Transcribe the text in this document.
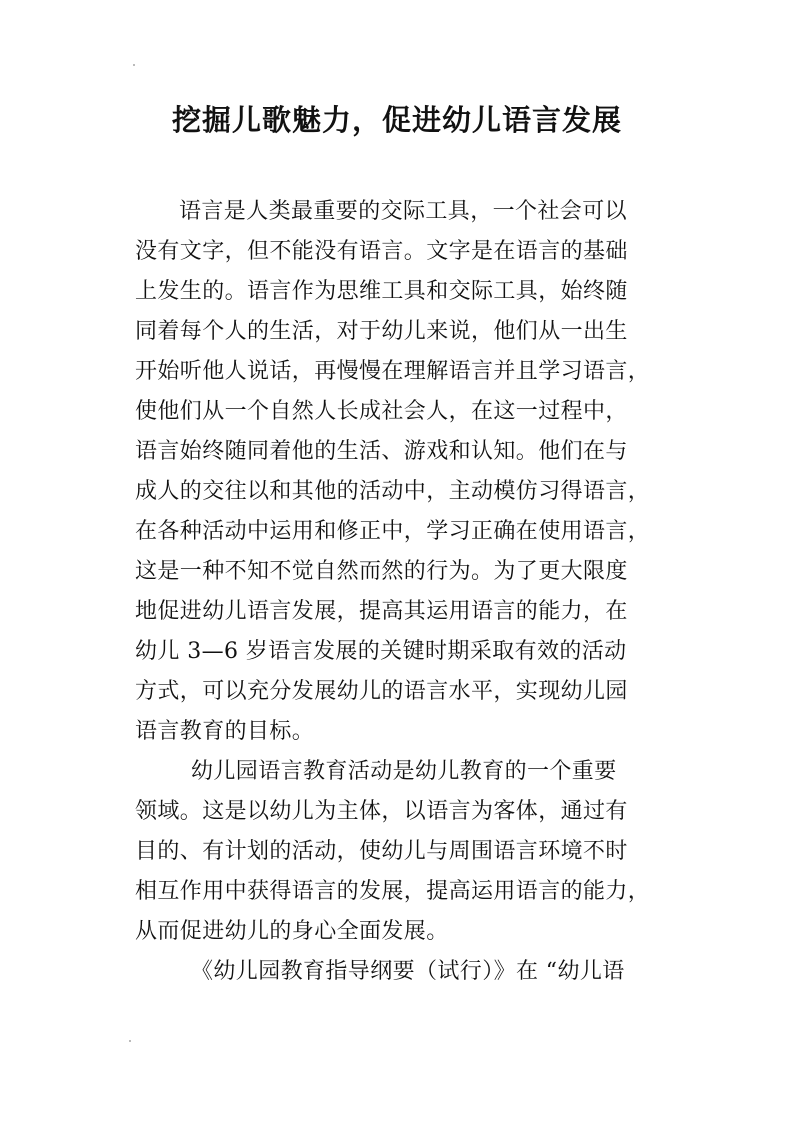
挖掘儿歌魅力，促进幼儿语言发展
语言是人类最重要的交际工具，一个社会可以
没有文字，但不能没有语言。文字是在语言的基础
上发生的。语言作为思维工具和交际工具，始终随
同着每个人的生活，对于幼儿来说，他们从一出生
开始听他人说话，再慢慢在理解语言并且学习语言，
使他们从一个自然人长成社会人，在这一过程中，
语言始终随同着他的生活、游戏和认知。他们在与
成人的交往以和其他的活动中，主动模仿习得语言，
在各种活动中运用和修正中，学习正确在使用语言，
这是一种不知不觉自然而然的行为。为了更大限度
地促进幼儿语言发展，提高其运用语言的能力，在
幼儿 3—6 岁语言发展的关键时期采取有效的活动
方式，可以充分发展幼儿的语言水平，实现幼儿园
语言教育的目标。
幼儿园语言教育活动是幼儿教育的一个重要
领域。这是以幼儿为主体，以语言为客体，通过有
目的、有计划的活动，使幼儿与周围语言环境不时
相互作用中获得语言的发展，提高运用语言的能力，
从而促进幼儿的身心全面发展。
《幼儿园教育指导纲要（试行）》在 “幼儿语
